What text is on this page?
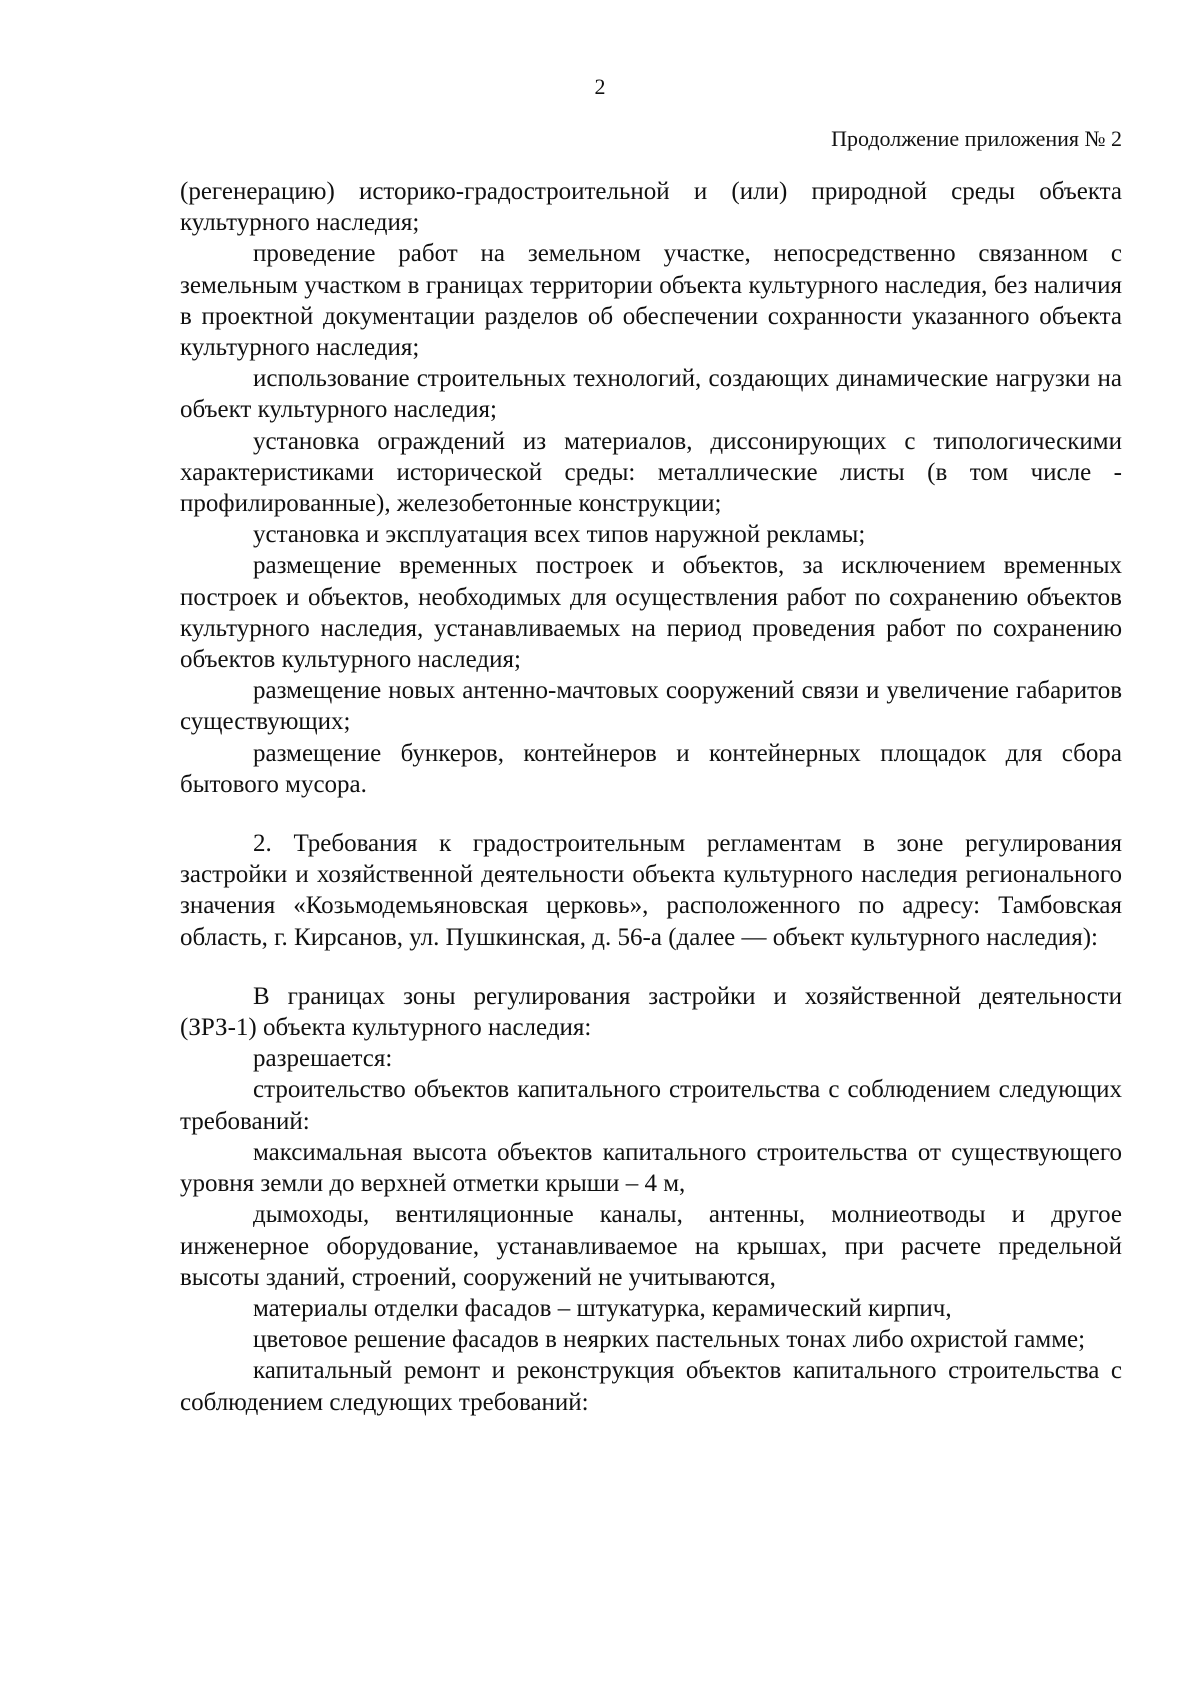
2
Продолжение приложения № 2

(регенерацию) историко-градостроительной и (или) природной среды объекта культурного наследия;

проведение работ на земельном участке, непосредственно связанном с земельным участком в границах территории объекта культурного наследия, без наличия в проектной документации разделов об обеспечении сохранности указанного объекта культурного наследия;

использование строительных технологий, создающих динамические нагрузки на объект культурного наследия;

установка ограждений из материалов, диссонирующих с типологическими характеристиками исторической среды: металлические листы (в том числе - профилированные), железобетонные конструкции;

установка и эксплуатация всех типов наружной рекламы;

размещение временных построек и объектов, за исключением временных построек и объектов, необходимых для осуществления работ по сохранению объектов культурного наследия, устанавливаемых на период проведения работ по сохранению объектов культурного наследия;

размещение новых антенно-мачтовых сооружений связи и увеличение габаритов существующих;

размещение бункеров, контейнеров и контейнерных площадок для сбора бытового мусора.

2. Требования к градостроительным регламентам в зоне регулирования застройки и хозяйственной деятельности объекта культурного наследия регионального значения «Козьмодемьяновская церковь», расположенного по адресу: Тамбовская область, г. Кирсанов, ул. Пушкинская, д. 56-а (далее — объект культурного наследия):

В границах зоны регулирования застройки и хозяйственной деятельности (ЗРЗ-1) объекта культурного наследия:

разрешается:

строительство объектов капитального строительства с соблюдением следующих требований:

максимальная высота объектов капитального строительства от существующего уровня земли до верхней отметки крыши – 4 м,

дымоходы, вентиляционные каналы, антенны, молниеотводы и другое инженерное оборудование, устанавливаемое на крышах, при расчете предельной высоты зданий, строений, сооружений не учитываются,

материалы отделки фасадов – штукатурка, керамический кирпич,

цветовое решение фасадов в неярких пастельных тонах либо охристой гамме;

капитальный ремонт и реконструкция объектов капитального строительства с соблюдением следующих требований:
